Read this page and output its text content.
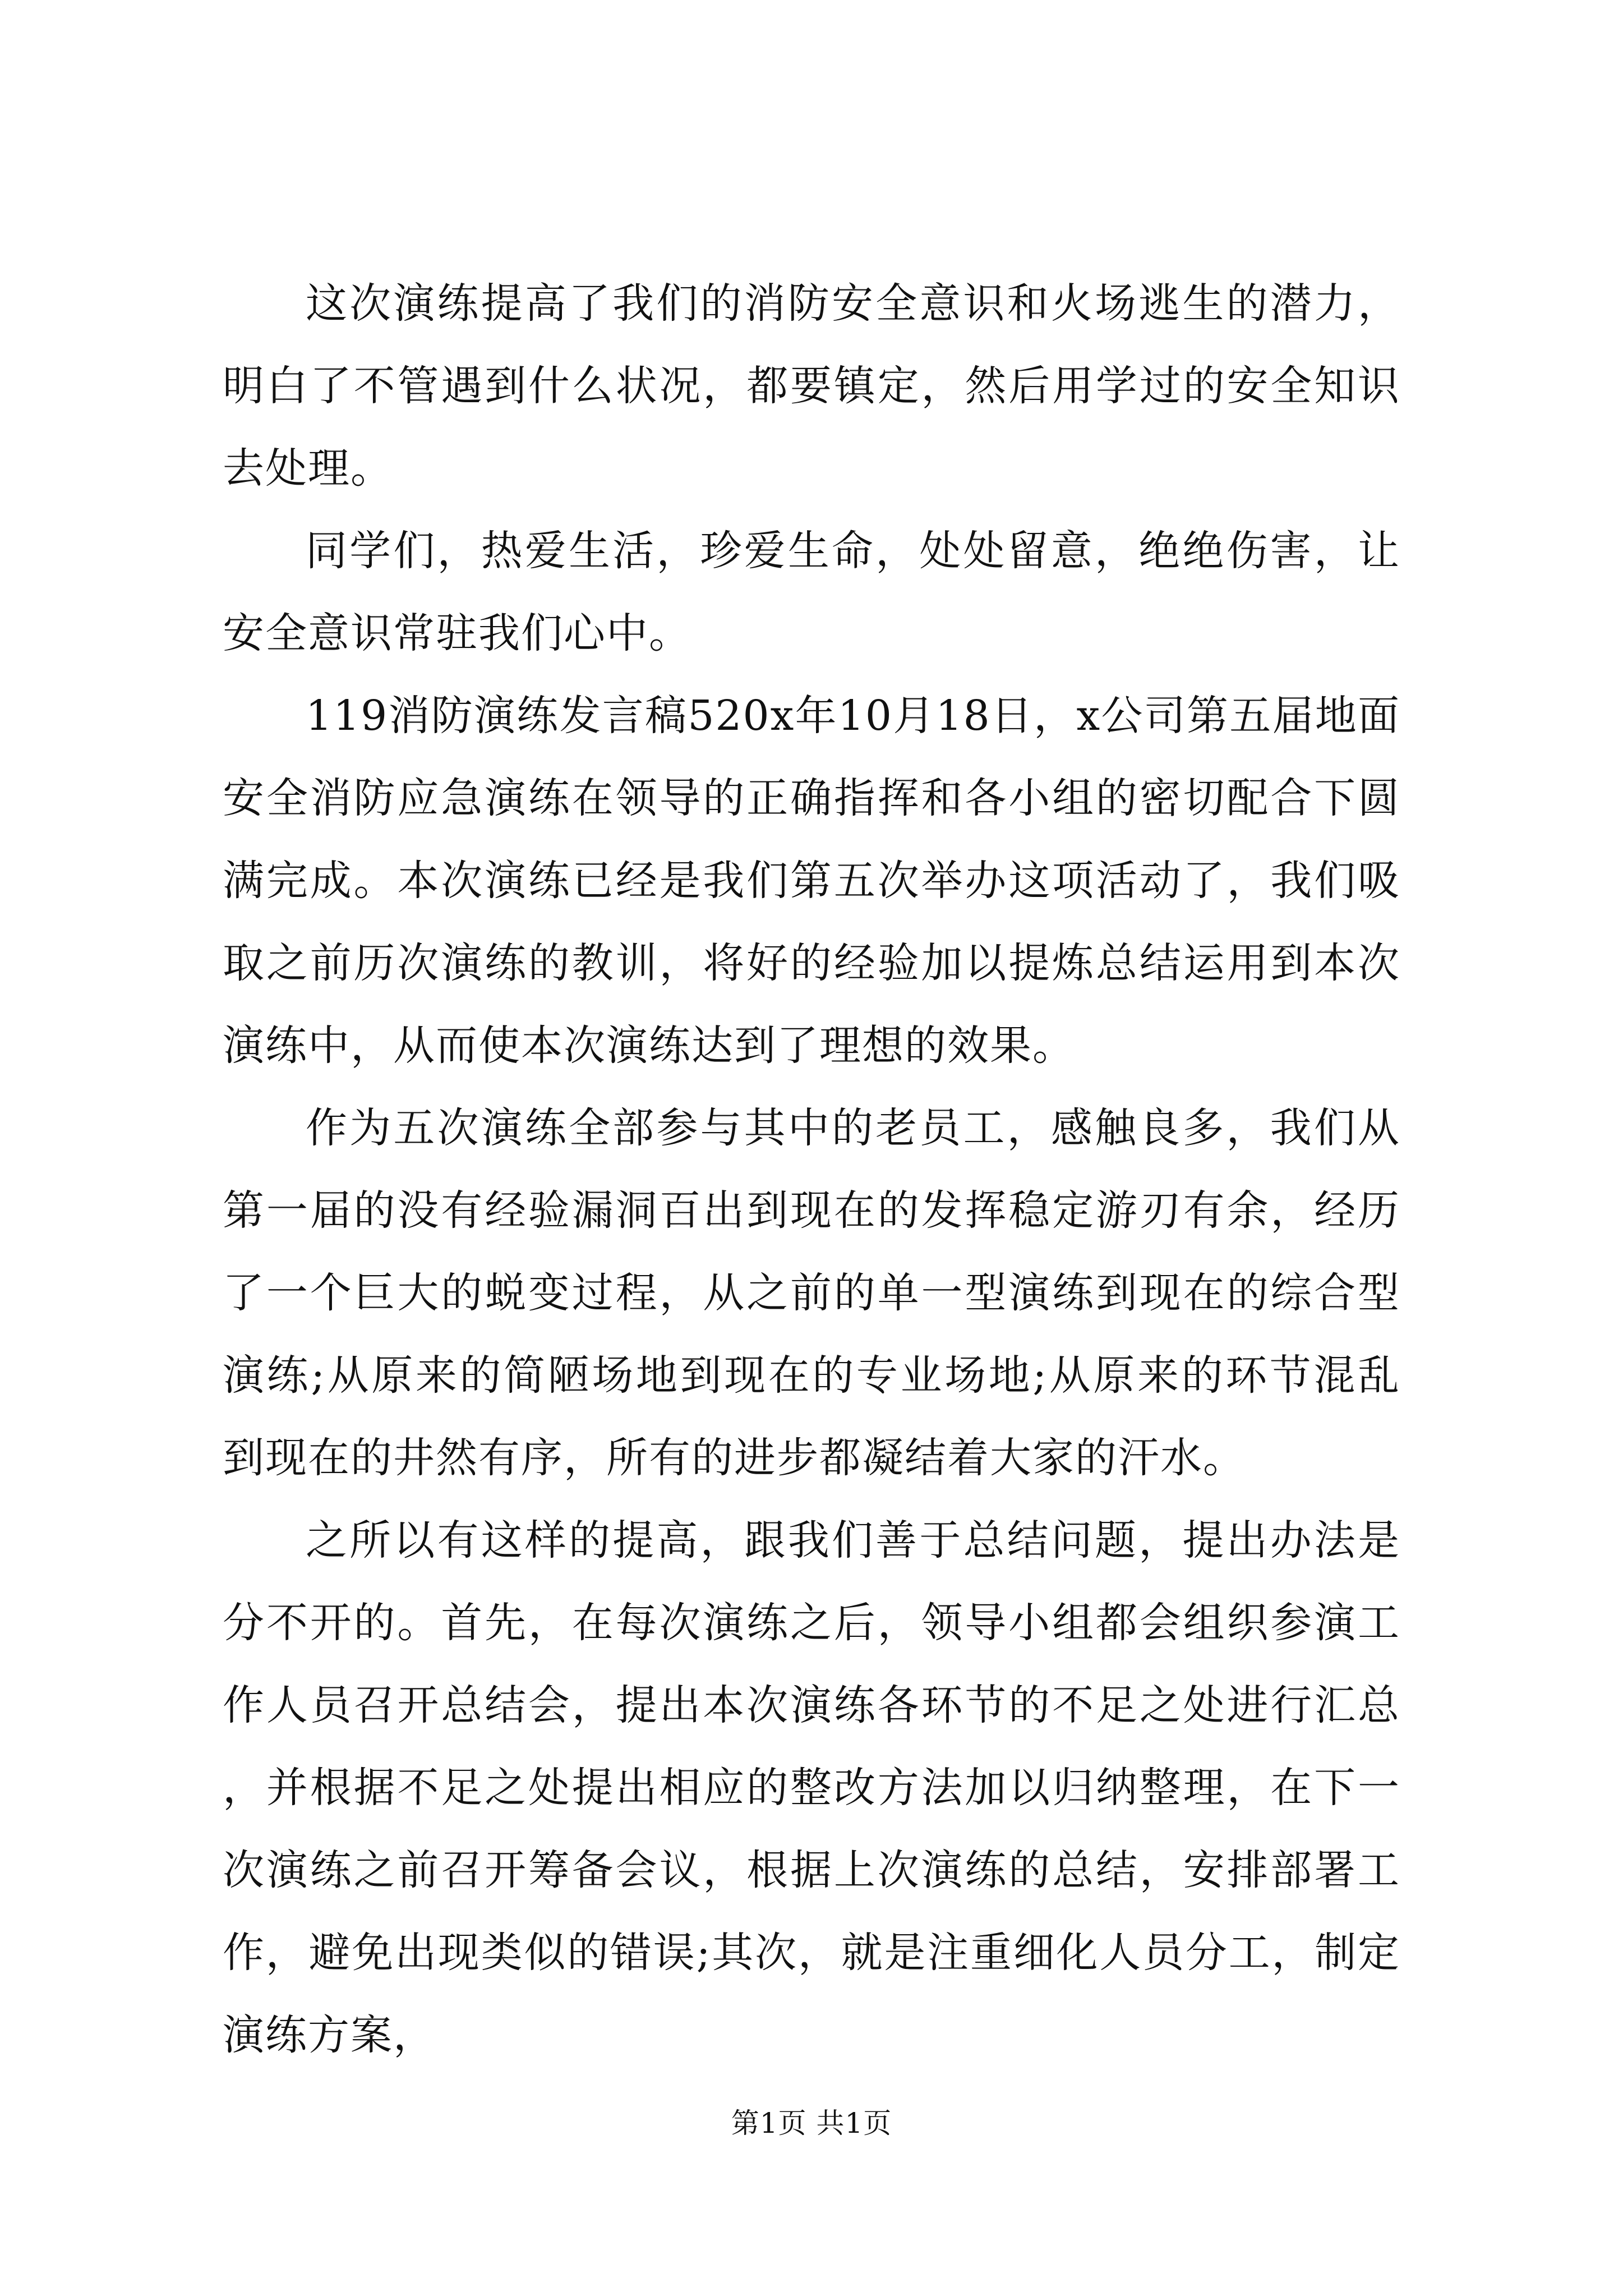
这次演练提高了我们的消防安全意识和火场逃生的潜力，明白了不管遇到什么状况，都要镇定，然后用学过的安全知识去处理。

同学们，热爱生活，珍爱生命，处处留意，绝绝伤害，让安全意识常驻我们心中。

119消防演练发言稿520x年10月18日，x公司第五届地面安全消防应急演练在领导的正确指挥和各小组的密切配合下圆满完成。本次演练已经是我们第五次举办这项活动了，我们吸取之前历次演练的教训，将好的经验加以提炼总结运用到本次演练中，从而使本次演练达到了理想的效果。

作为五次演练全部参与其中的老员工，感触良多，我们从第一届的没有经验漏洞百出到现在的发挥稳定游刃有余，经历了一个巨大的蜕变过程，从之前的单一型演练到现在的综合型演练;从原来的简陋场地到现在的专业场地;从原来的环节混乱到现在的井然有序，所有的进步都凝结着大家的汗水。

之所以有这样的提高，跟我们善于总结问题，提出办法是分不开的。首先，在每次演练之后，领导小组都会组织参演工作人员召开总结会，提出本次演练各环节的不足之处进行汇总，并根据不足之处提出相应的整改方法加以归纳整理，在下一次演练之前召开筹备会议，根据上次演练的总结，安排部署工作，避免出现类似的错误;其次，就是注重细化人员分工，制定演练方案，

第1页 共1页
